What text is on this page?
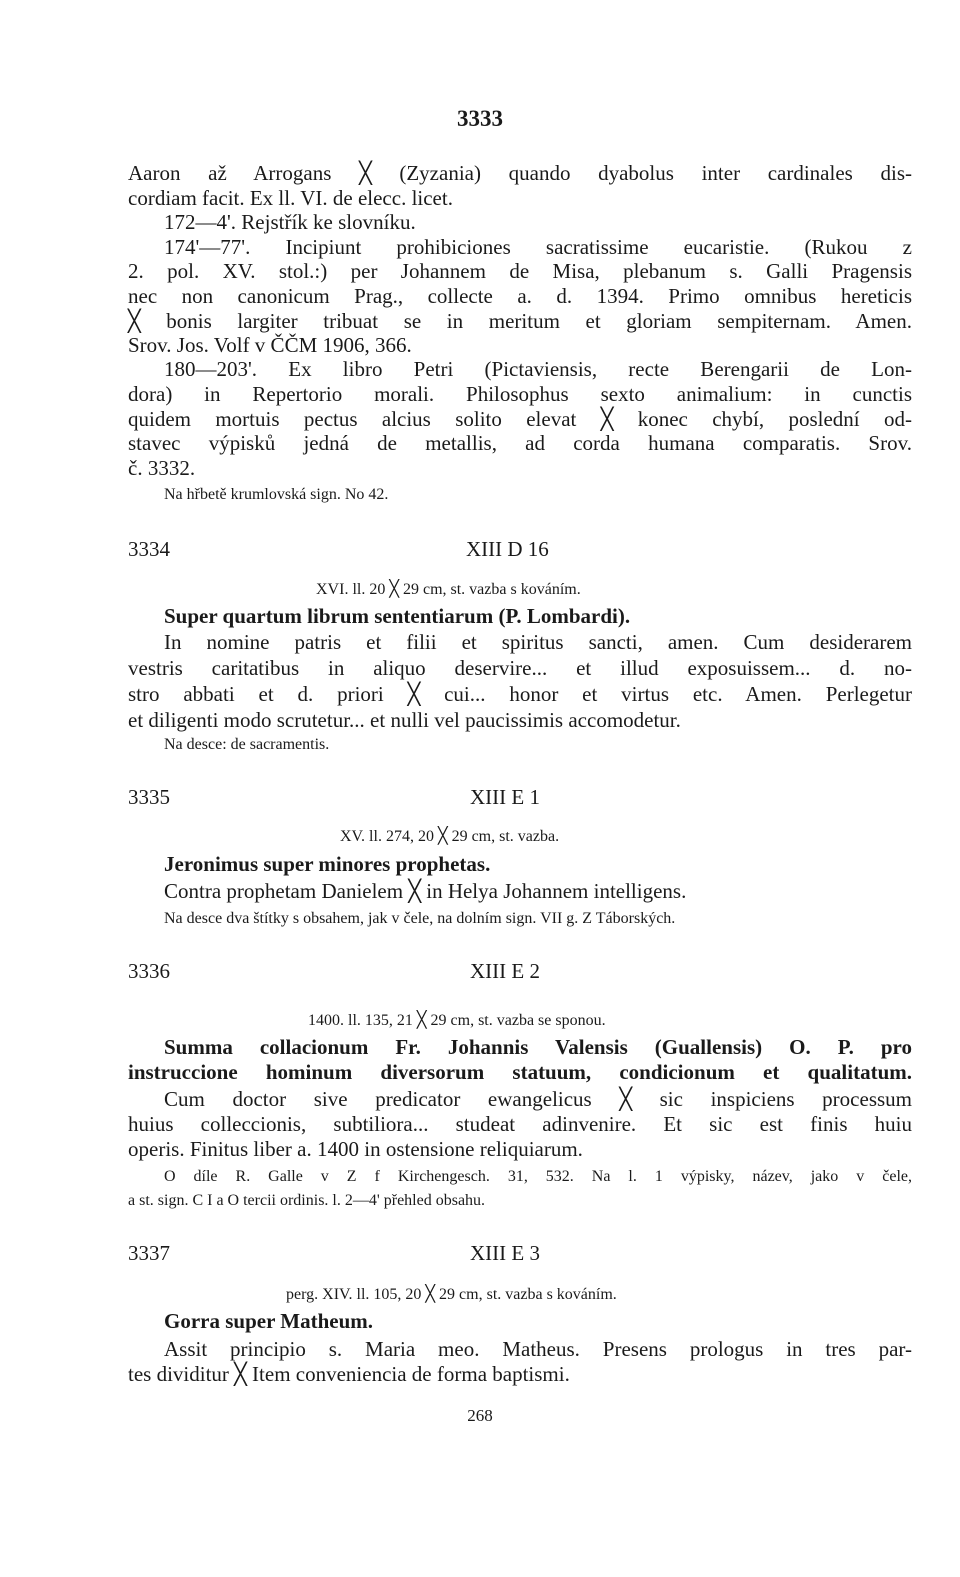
3333
Aaron až Arrogans ╳ (Zyzania) quando dyabolus inter cardinales dis-
cordiam facit. Ex ll. VI. de elecc. licet.
172—4'. Rejstřík ke slovníku.
174'—77'. Incipiunt prohibiciones sacratissime eucaristie. (Rukou z
2. pol. XV. stol.:) per Johannem de Misa, plebanum s. Galli Pragensis
nec non canonicum Prag., collecte a. d. 1394. Primo omnibus hereticis
╳ bonis largiter tribuat se in meritum et gloriam sempiternam. Amen.
Srov. Jos. Volf v ČČM 1906, 366.
180—203'. Ex libro Petri (Pictaviensis, recte Berengarii de Lon-
dora) in Repertorio morali. Philosophus sexto animalium: in cunctis
quidem mortuis pectus alcius solito elevat ╳ konec chybí, poslední od-
stavec výpisků jedná de metallis, ad corda humana comparatis. Srov.
č. 3332.
Na hřbetě krumlovská sign. No 42.
3334	XIII D 16
XVI. ll. 20 ╳ 29 cm, st. vazba s kováním.
Super quartum librum sententiarum (P. Lombardi).
In nomine patris et filii et spiritus sancti, amen. Cum desiderarem
vestris caritatibus in aliquo deservire... et illud exposuissem... d. no-
stro abbati et d. priori ╳ cui... honor et virtus etc. Amen. Perlegetur
et diligenti modo scrutetur... et nulli vel paucissimis accomodetur.
Na desce: de sacramentis.
3335	XIII E 1
XV. ll. 274, 20 ╳ 29 cm, st. vazba.
Jeronimus super minores prophetas.
Contra prophetam Danielem ╳ in Helya Johannem intelligens.
Na desce dva štítky s obsahem, jak v čele, na dolním sign. VII g. Z Táborských.
3336	XIII E 2
1400. ll. 135, 21 ╳ 29 cm, st. vazba se sponou.
Summa collacionum Fr. Johannis Valensis (Guallensis) O. P. pro
instruccione hominum diversorum statuum, condicionum et qualitatum.
Cum doctor sive predicator ewangelicus ╳ sic inspiciens processum
huius colleccionis, subtiliora... studeat adinvenire. Et sic est finis huiu
operis. Finitus liber a. 1400 in ostensione reliquiarum.
O díle R. Galle v Z f Kirchengesch. 31, 532. Na l. 1 výpisky, název, jako v čele,
a st. sign. C I a O tercii ordinis. l. 2—4' přehled obsahu.
3337	XIII E 3
perg. XIV. ll. 105, 20 ╳ 29 cm, st. vazba s kováním.
Gorra super Matheum.
Assit principio s. Maria meo. Matheus. Presens prologus in tres par-
tes dividitur ╳ Item conveniencia de forma baptismi.
268
